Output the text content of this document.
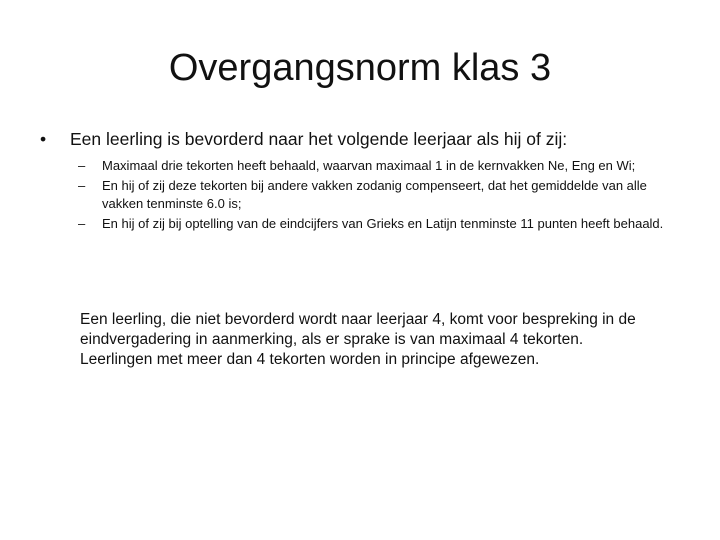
Overgangsnorm klas 3
• Een leerling is bevorderd naar het volgende leerjaar als hij of zij:
– Maximaal drie tekorten heeft behaald, waarvan maximaal 1 in de kernvakken Ne, Eng en Wi;
– En hij of zij deze tekorten bij andere vakken zodanig compenseert, dat het gemiddelde van alle vakken tenminste 6.0 is;
– En hij of zij bij optelling van de eindcijfers van Grieks en Latijn tenminste 11 punten heeft behaald.
Een leerling, die niet bevorderd wordt naar leerjaar 4, komt voor bespreking in de
eindvergadering in aanmerking, als er sprake is van maximaal 4 tekorten.
Leerlingen met meer dan 4 tekorten worden in principe afgewezen.
